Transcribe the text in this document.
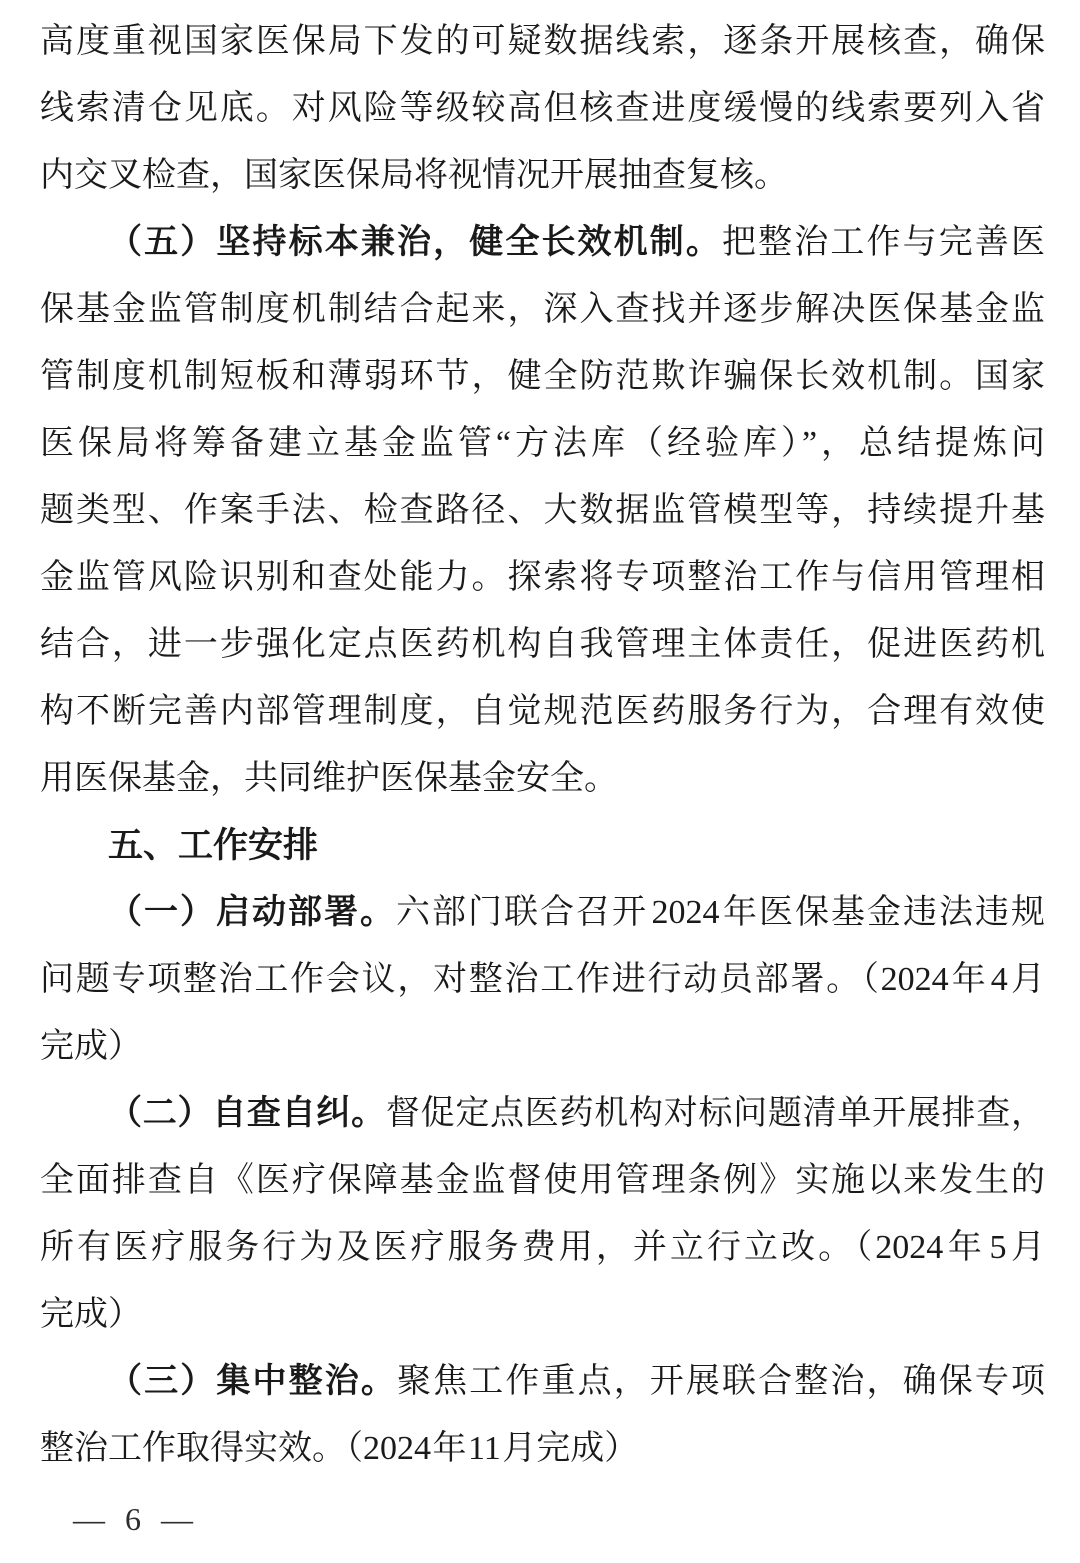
高度重视国家医保局下发的可疑数据线索，逐条开展核查，确保
线索清仓见底。对风险等级较高但核查进度缓慢的线索要列入省
内交叉检查，国家医保局将视情况开展抽查复核。
（五）坚持标本兼治，健全长效机制。把整治工作与完善医
保基金监管制度机制结合起来，深入查找并逐步解决医保基金监
管制度机制短板和薄弱环节，健全防范欺诈骗保长效机制。国家
医保局将筹备建立基金监管“方法库（经验库）”，总结提炼问
题类型、作案手法、检查路径、大数据监管模型等，持续提升基
金监管风险识别和查处能力。探索将专项整治工作与信用管理相
结合，进一步强化定点医药机构自我管理主体责任，促进医药机
构不断完善内部管理制度，自觉规范医药服务行为，合理有效使
用医保基金，共同维护医保基金安全。
五、工作安排
（一）启动部署。六部门联合召开 2024 年医保基金违法违规
问题专项整治工作会议，对整治工作进行动员部署。（2024 年 4 月
完成）
（二）自查自纠。督促定点医药机构对标问题清单开展排查，
全面排查自《医疗保障基金监督使用管理条例》实施以来发生的
所有医疗服务行为及医疗服务费用，并立行立改。（2024 年 5 月
完成）
（三）集中整治。聚焦工作重点，开展联合整治，确保专项
整治工作取得实效。（2024 年 11 月完成）
— 6 —
